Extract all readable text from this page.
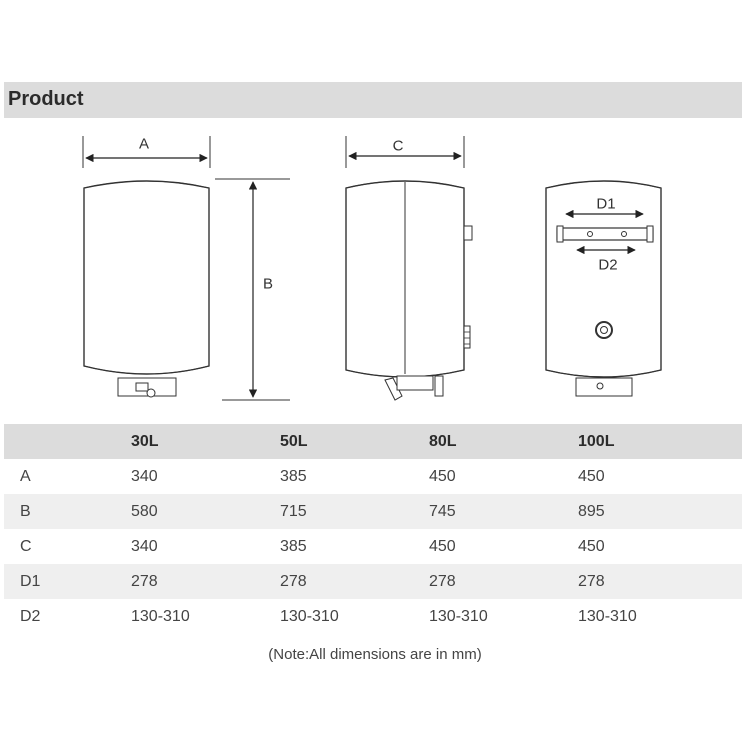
Product
A
B
C
D1
D2
	30L	50L	80L	100L
A	340	385	450	450
B	580	715	745	895
C	340	385	450	450
D1	278	278	278	278
D2	130-310	130-310	130-310	130-310
(Note:All dimensions are in mm)
